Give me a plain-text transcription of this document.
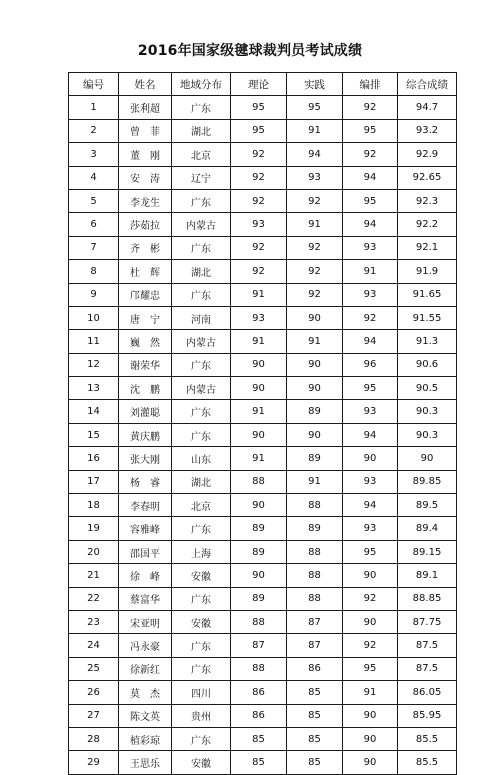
2016年国家级毽球裁判员考试成绩
编号	姓名	地域分布	理论	实践	编排	综合成绩
1	张利超	广东	95	95	92	94.7
2	曾　菲	湖北	95	91	95	93.2
3	董　刚	北京	92	94	92	92.9
4	安　涛	辽宁	92	93	94	92.65
5	李龙生	广东	92	92	95	92.3
6	莎茹拉	内蒙古	93	91	94	92.2
7	齐　彬	广东	92	92	93	92.1
8	杜　辉	湖北	92	92	91	91.9
9	邝耀忠	广东	91	92	93	91.65
10	唐　宁	河南	93	90	92	91.55
11	巍　然	内蒙古	91	91	94	91.3
12	谢荣华	广东	90	90	96	90.6
13	沈　鹏	内蒙古	90	90	95	90.5
14	刘灌聪	广东	91	89	93	90.3
15	黄庆鹏	广东	90	90	94	90.3
16	张大刚	山东	91	89	90	90
17	杨　睿	湖北	88	91	93	89.85
18	李春明	北京	90	88	94	89.5
19	容雅峰	广东	89	89	93	89.4
20	邵国平	上海	89	88	95	89.15
21	徐　峰	安徽	90	88	90	89.1
22	蔡富华	广东	89	88	92	88.85
23	宋亚明	安徽	88	87	90	87.75
24	冯永豪	广东	87	87	92	87.5
25	徐新红	广东	88	86	95	87.5
26	莫　杰	四川	86	85	91	86.05
27	陈文英	贵州	86	85	90	85.95
28	植彩琼	广东	85	85	90	85.5
29	王思乐	安徽	85	85	90	85.5
